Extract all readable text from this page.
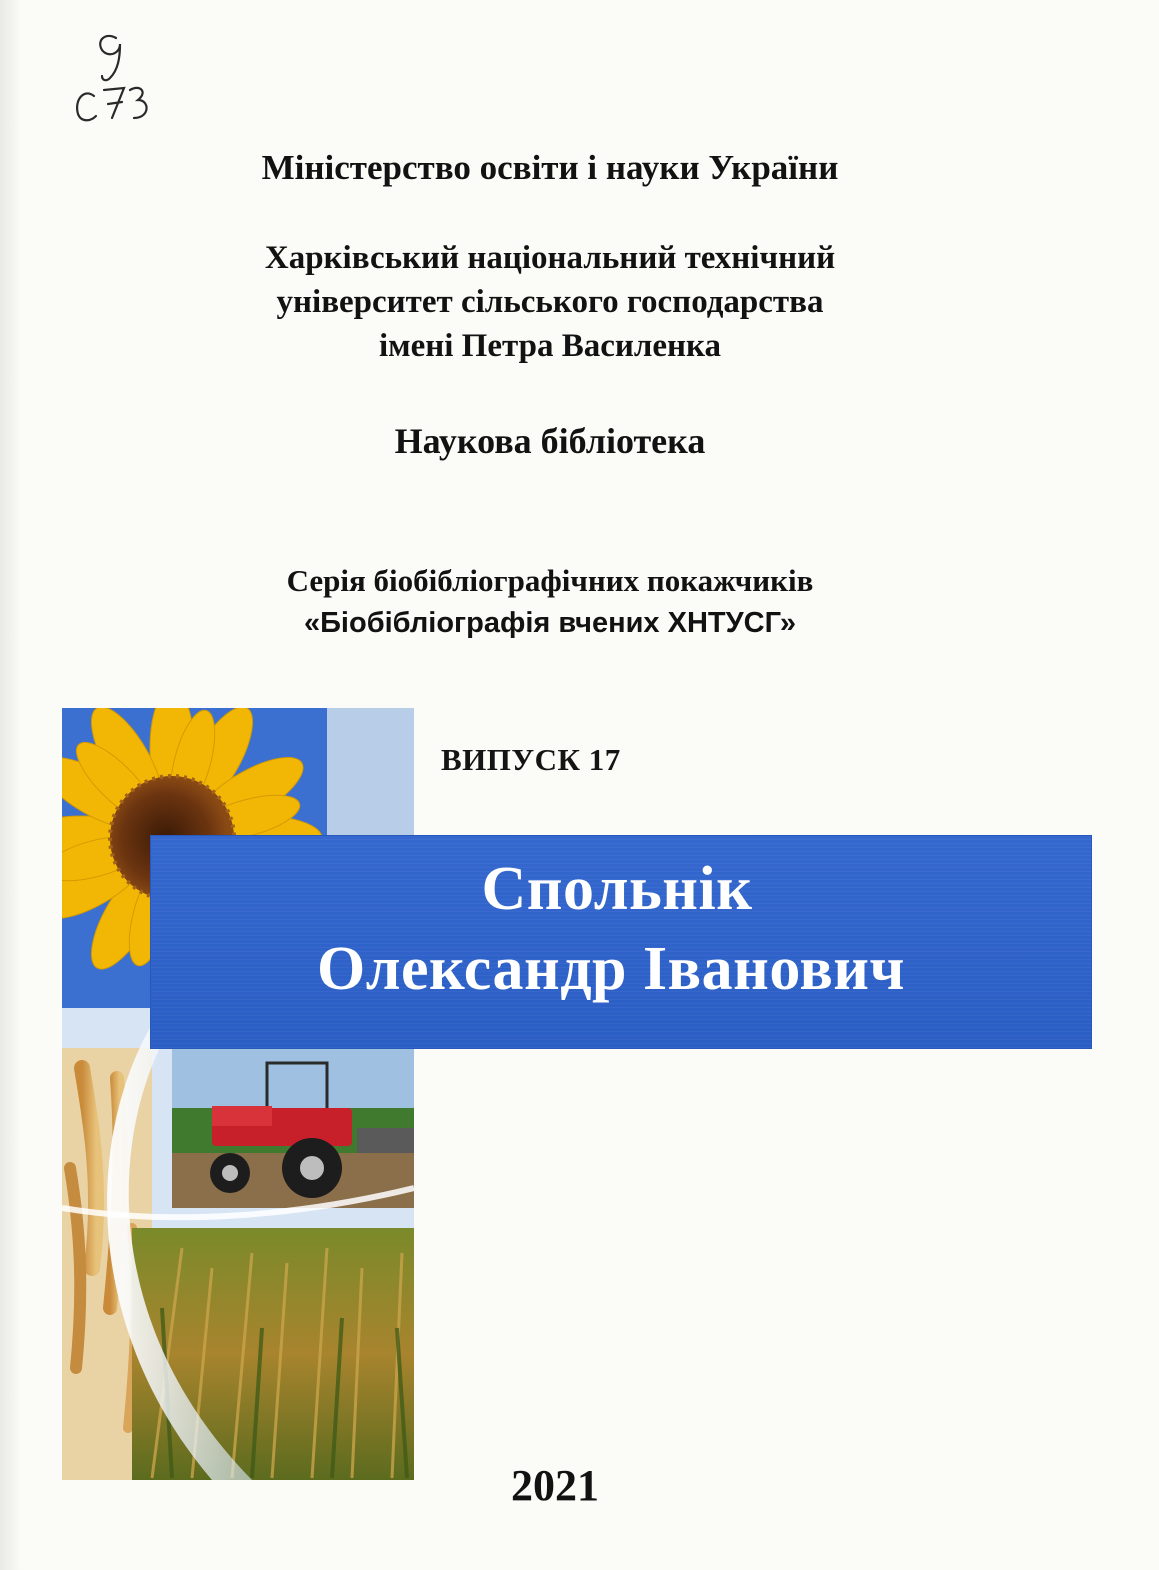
Міністерство освіти і науки України
Харківський національний технічний
університет сільського господарства
імені Петра Василенка
Наукова бібліотека
Серія біобібліографічних покажчиків
«Біобібліографія вчених ХНТУСГ»
ВИПУСК 17
Спольнік
Олександр Іванович
2021
